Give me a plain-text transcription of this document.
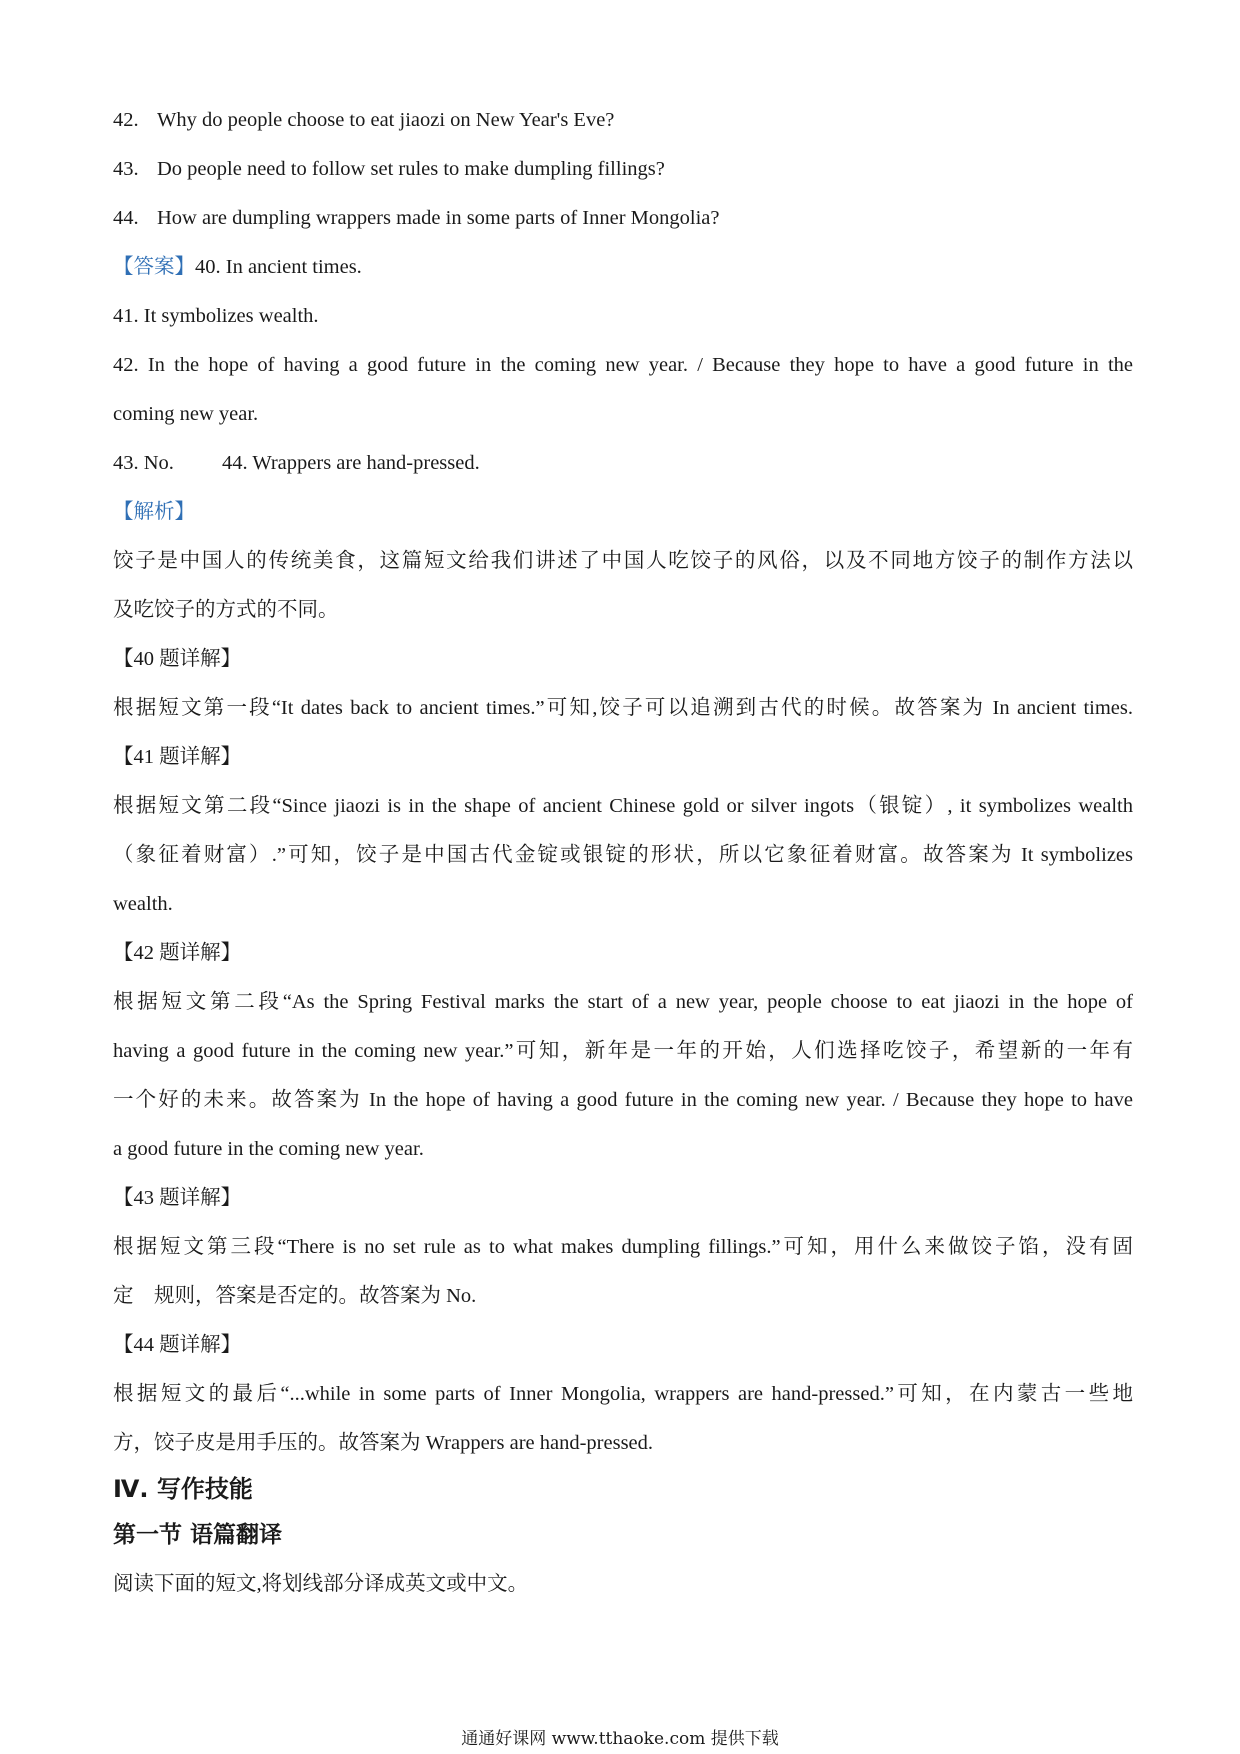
42. Why do people choose to eat jiaozi on New Year's Eve?
43. Do people need to follow set rules to make dumpling fillings?
44. How are dumpling wrappers made in some parts of Inner Mongolia?
【答案】40. In ancient times.
41. It symbolizes wealth.
42. In the hope of having a good future in the coming new year. / Because they hope to have a good future in the
coming new year.
43. No. 44. Wrappers are hand-pressed.
【解析】
饺子是中国人的传统美食，这篇短文给我们讲述了中国人吃饺子的风俗，以及不同地方饺子的制作方法以
及吃饺子的方式的不同。
【40 题详解】
根据短文第一段“It dates back to ancient times.”可知,饺子可以追溯到古代的时候。故答案为 In ancient times.
【41 题详解】
根据短文第二段“Since jiaozi is in the shape of ancient Chinese gold or silver ingots（银锭）, it symbolizes wealth
（象征着财富）.”可知，饺子是中国古代金锭或银锭的形状，所以它象征着财富。故答案为 It symbolizes
wealth.
【42 题详解】
根据短文第二段“As the Spring Festival marks the start of a new year, people choose to eat jiaozi in the hope of
having a good future in the coming new year.”可知，新年是一年的开始，人们选择吃饺子，希望新的一年有
一个好的未来。故答案为 In the hope of having a good future in the coming new year. / Because they hope to have
a good future in the coming new year.
【43 题详解】
根据短文第三段“There is no set rule as to what makes dumpling fillings.”可知，用什么来做饺子馅，没有固
定　规则，答案是否定的。故答案为 No.
【44 题详解】
根据短文的最后“...while in some parts of Inner Mongolia, wrappers are hand-pressed.”可知，在内蒙古一些地
方，饺子皮是用手压的。故答案为 Wrappers are hand-pressed.
Ⅳ. 写作技能
第一节 语篇翻译
阅读下面的短文,将划线部分译成英文或中文。
通通好课网 www.tthaoke.com 提供下载
